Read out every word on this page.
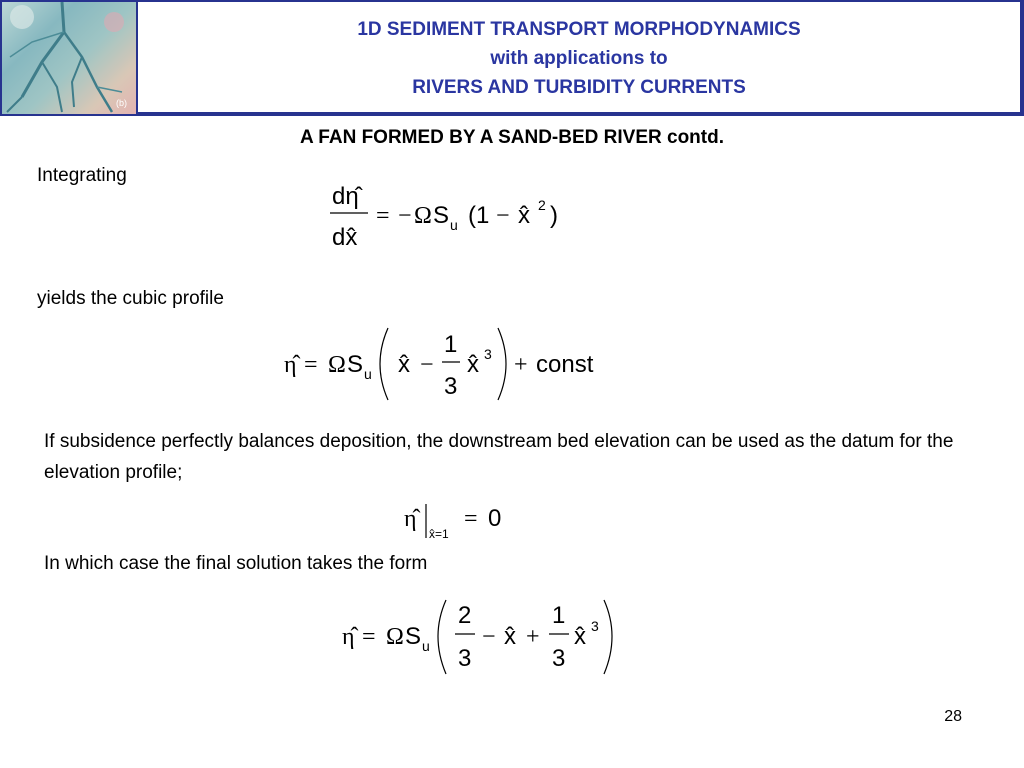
(b)
1D SEDIMENT TRANSPORT MORPHODYNAMICS
with applications to
RIVERS AND TURBIDITY CURRENTS
A FAN FORMED BY A SAND-BED RIVER contd.
Integrating
dη̂
dx̂
= − Ω S u (1 − x̂ 2 )
yields the cubic profile
η̂ = Ω S u x̂ −
1
3
x̂ 3 + const
If subsidence perfectly balances deposition, the downstream bed elevation can be used as the datum for the elevation profile;
η̂
x̂=1
= 0
In which case the final solution takes the form
η̂ = Ω S u
2
3
− x̂ +
1
3
x̂ 3
28
